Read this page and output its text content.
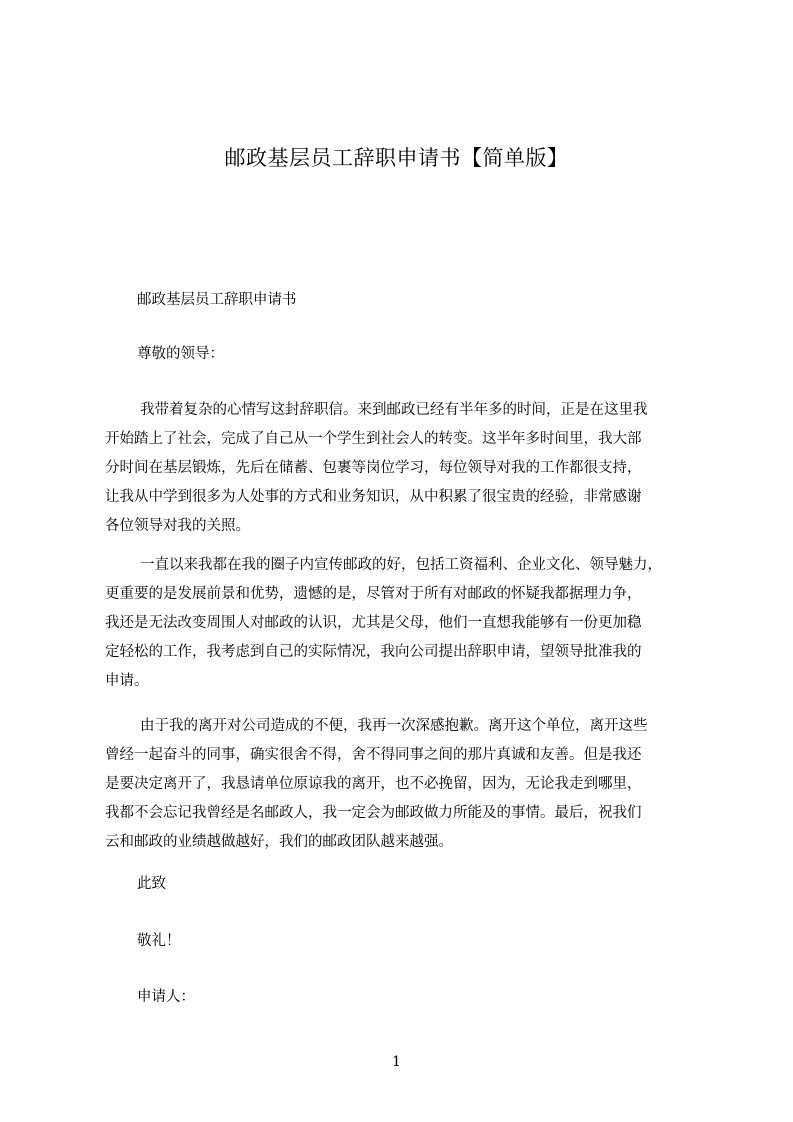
邮政基层员工辞职申请书【简单版】
邮政基层员工辞职申请书
尊敬的领导：
我带着复杂的心情写这封辞职信。来到邮政已经有半年多的时间，正是在这里我
开始踏上了社会，完成了自己从一个学生到社会人的转变。这半年多时间里，我大部
分时间在基层锻炼，先后在储蓄、包裹等岗位学习，每位领导对我的工作都很支持，
让我从中学到很多为人处事的方式和业务知识，从中积累了很宝贵的经验，非常感谢
各位领导对我的关照。
一直以来我都在我的圈子内宣传邮政的好，包括工资福利、企业文化、领导魅力，
更重要的是发展前景和优势，遗憾的是，尽管对于所有对邮政的怀疑我都据理力争，
我还是无法改变周围人对邮政的认识，尤其是父母，他们一直想我能够有一份更加稳
定轻松的工作，我考虑到自己的实际情况，我向公司提出辞职申请，望领导批准我的
申请。
由于我的离开对公司造成的不便，我再一次深感抱歉。离开这个单位，离开这些
曾经一起奋斗的同事，确实很舍不得，舍不得同事之间的那片真诚和友善。但是我还
是要决定离开了，我恳请单位原谅我的离开，也不必挽留，因为，无论我走到哪里，
我都不会忘记我曾经是名邮政人，我一定会为邮政做力所能及的事情。最后，祝我们
云和邮政的业绩越做越好，我们的邮政团队越来越强。
此致
敬礼！
申请人：
1
